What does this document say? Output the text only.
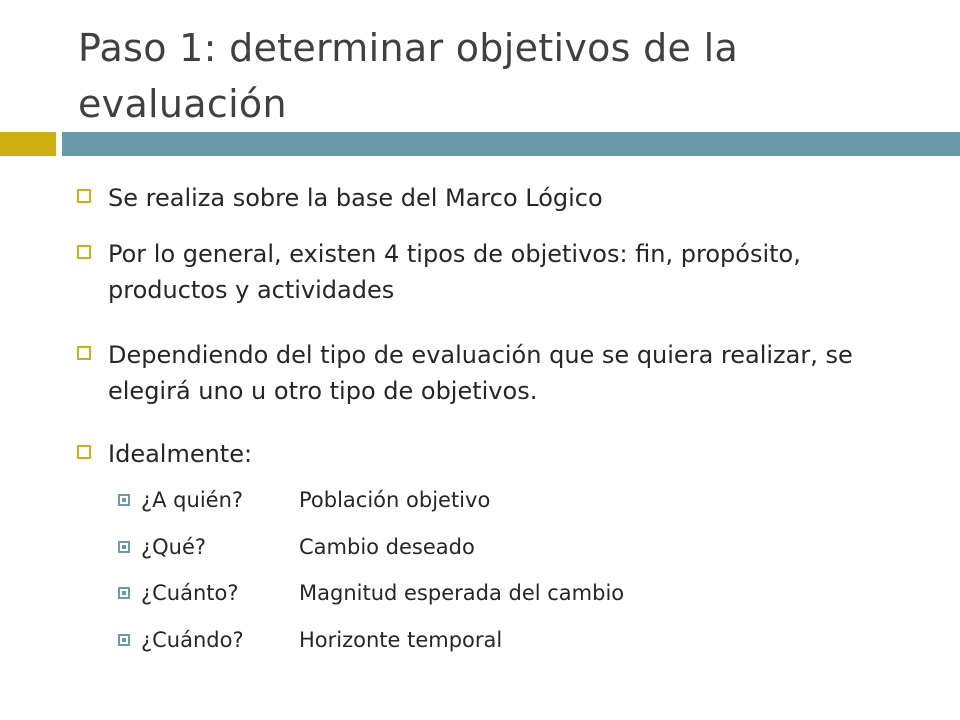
Paso 1: determinar objetivos de la evaluación
Se realiza sobre la base del Marco Lógico
Por lo general, existen 4 tipos de objetivos: fin, propósito, productos y actividades
Dependiendo del tipo de evaluación que se quiera realizar, se elegirá uno u otro tipo de objetivos.
Idealmente:
¿A quién?	Población objetivo
¿Qué?	Cambio deseado
¿Cuánto?	Magnitud esperada del cambio
¿Cuándo?	Horizonte temporal
